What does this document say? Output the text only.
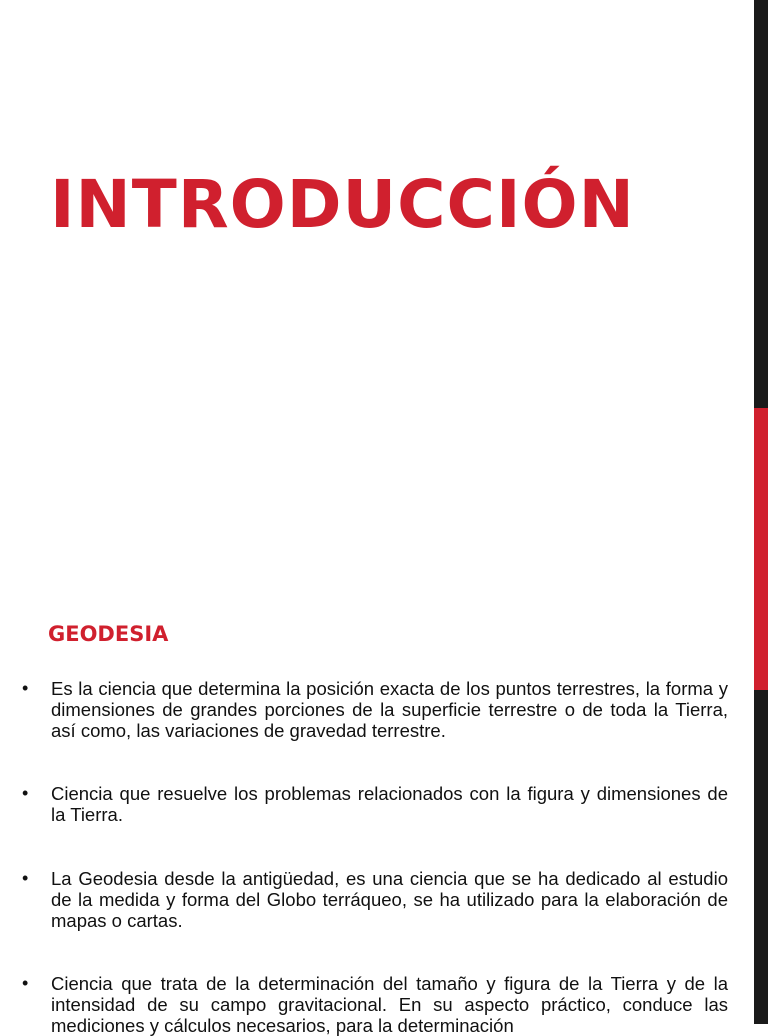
INTRODUCCIÓN
GEODESIA
• Es la ciencia que determina la posición exacta de los puntos terrestres, la forma y dimensiones de grandes porciones de la superficie terrestre o de toda la Tierra, así como, las variaciones de gravedad terrestre.
• Ciencia que resuelve los problemas relacionados con la figura y dimensiones de la Tierra.
• La Geodesia desde la antigüedad, es una ciencia que se ha dedicado al estudio de la medida y forma del Globo terráqueo, se ha utilizado para la elaboración de mapas o cartas.
• Ciencia que trata de la determinación del tamaño y figura de la Tierra y de la intensidad de su campo gravitacional. En su aspecto práctico, conduce las mediciones y cálculos necesarios, para la determinación
